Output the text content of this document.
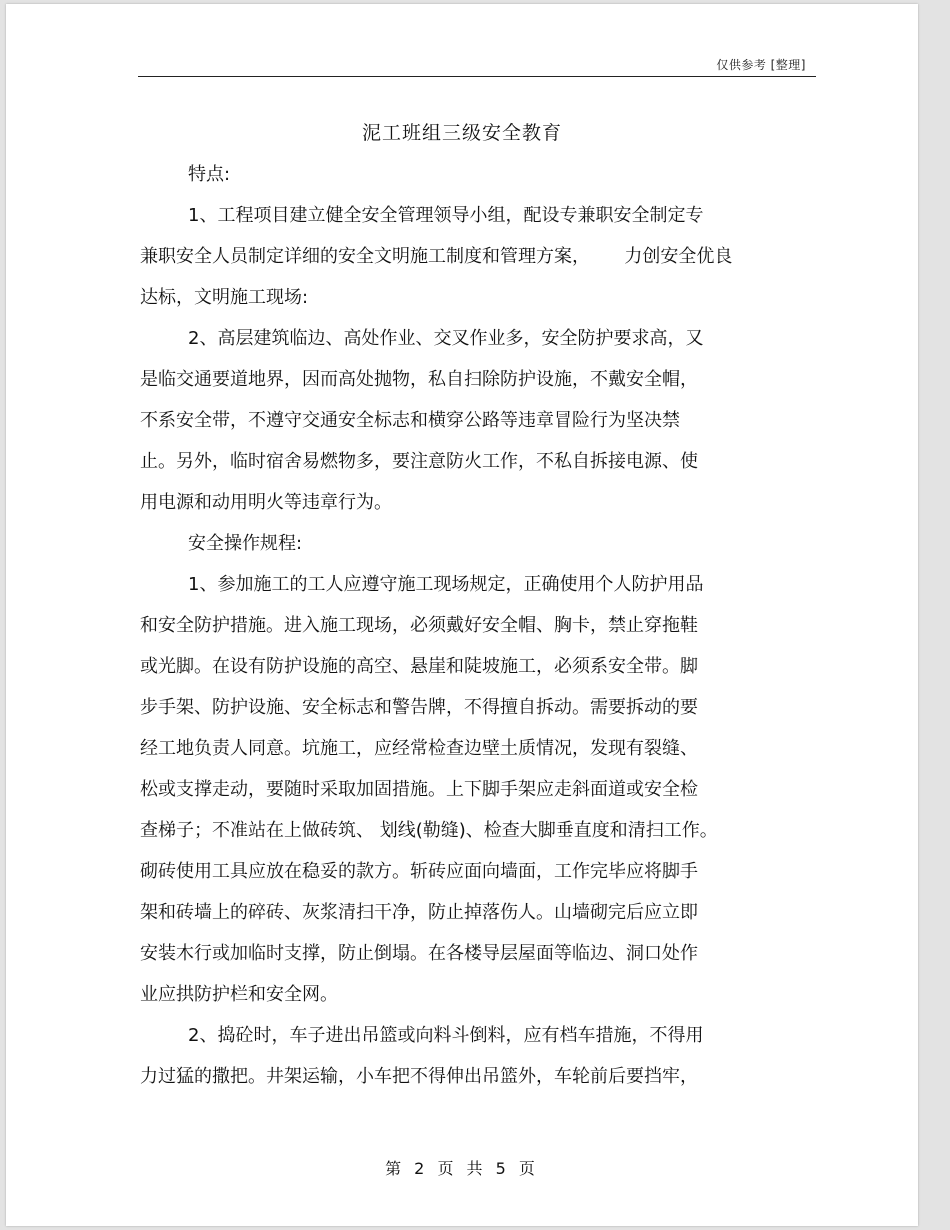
仅供参考 [整理]
泥工班组三级安全教育
特点:
1、工程项目建立健全安全管理领导小组，配设专兼职安全制定专
兼职安全人员制定详细的安全文明施工制度和管理方案，      力创安全优良
达标，文明施工现场:
2、高层建筑临边、高处作业、交叉作业多，安全防护要求高，又
是临交通要道地界，因而高处抛物，私自扫除防护设施，不戴安全帽，
不系安全带，不遵守交通安全标志和横穿公路等违章冒险行为坚决禁
止。另外，临时宿舍易燃物多，要注意防火工作，不私自拆接电源、使
用电源和动用明火等违章行为。
安全操作规程:
1、参加施工的工人应遵守施工现场规定，正确使用个人防护用品
和安全防护措施。进入施工现场，必须戴好安全帽、胸卡，禁止穿拖鞋
或光脚。在设有防护设施的高空、悬崖和陡坡施工，必须系安全带。脚
步手架、防护设施、安全标志和警告牌，不得擅自拆动。需要拆动的要
经工地负责人同意。坑施工，应经常检查边壁土质情况，发现有裂缝、
松或支撑走动，要随时采取加固措施。上下脚手架应走斜面道或安全检
查梯子；不准站在上做砖筑、 划线(勒缝)、检查大脚垂直度和清扫工作。
砌砖使用工具应放在稳妥的款方。斩砖应面向墙面，工作完毕应将脚手
架和砖墙上的碎砖、灰浆清扫干净，防止掉落伤人。山墙砌完后应立即
安装木行或加临时支撑，防止倒塌。在各楼导层屋面等临边、洞口处作
业应拱防护栏和安全网。
2、捣砼时，车子进出吊篮或向料斗倒料，应有档车措施，不得用
力过猛的撒把。井架运输，小车把不得伸出吊篮外，车轮前后要挡牢，
第 2 页 共 5 页
